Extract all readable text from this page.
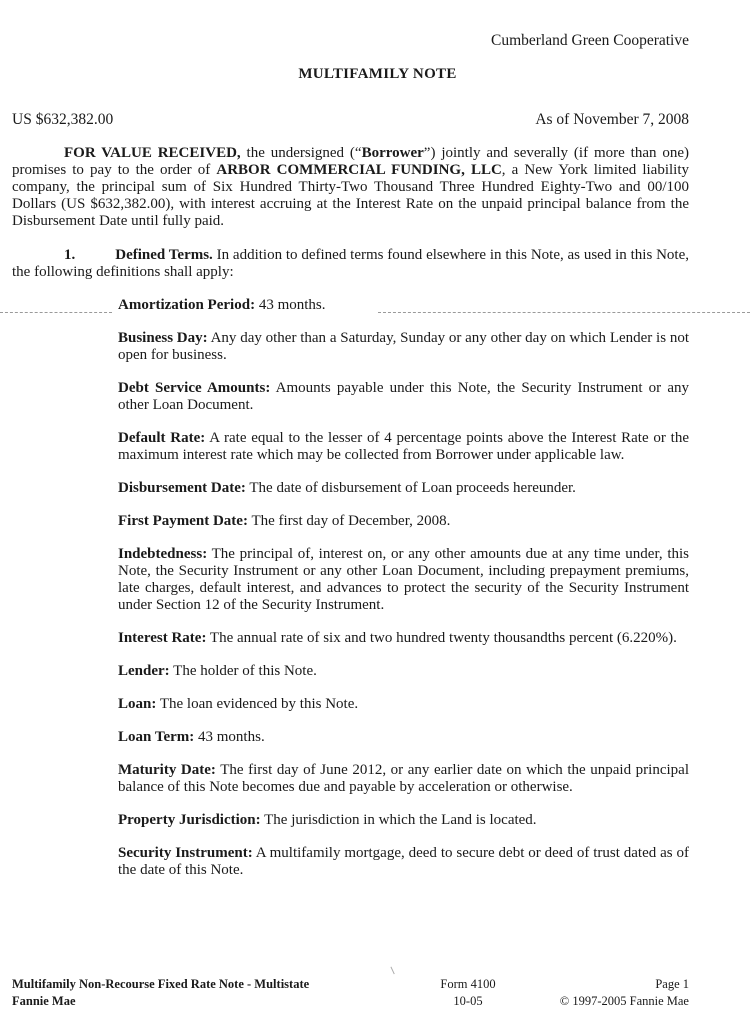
Cumberland Green Cooperative
MULTIFAMILY NOTE
US $632,382.00	As of November 7, 2008

FOR VALUE RECEIVED, the undersigned (“Borrower”) jointly and severally (if more than one) promises to pay to the order of ARBOR COMMERCIAL FUNDING, LLC, a New York limited liability company, the principal sum of Six Hundred Thirty-Two Thousand Three Hundred Eighty-Two and 00/100 Dollars (US $632,382.00), with interest accruing at the Interest Rate on the unpaid principal balance from the Disbursement Date until fully paid.

1.	Defined Terms. In addition to defined terms found elsewhere in this Note, as used in this Note, the following definitions shall apply:

Amortization Period: 43 months.

Business Day: Any day other than a Saturday, Sunday or any other day on which Lender is not open for business.

Debt Service Amounts: Amounts payable under this Note, the Security Instrument or any other Loan Document.

Default Rate: A rate equal to the lesser of 4 percentage points above the Interest Rate or the maximum interest rate which may be collected from Borrower under applicable law.

Disbursement Date: The date of disbursement of Loan proceeds hereunder.

First Payment Date: The first day of December, 2008.

Indebtedness: The principal of, interest on, or any other amounts due at any time under, this Note, the Security Instrument or any other Loan Document, including prepayment premiums, late charges, default interest, and advances to protect the security of the Security Instrument under Section 12 of the Security Instrument.

Interest Rate: The annual rate of six and two hundred twenty thousandths percent (6.220%).

Lender: The holder of this Note.

Loan: The loan evidenced by this Note.

Loan Term: 43 months.

Maturity Date: The first day of June 2012, or any earlier date on which the unpaid principal balance of this Note becomes due and payable by acceleration or otherwise.

Property Jurisdiction: The jurisdiction in which the Land is located.

Security Instrument: A multifamily mortgage, deed to secure debt or deed of trust dated as of the date of this Note.

Multifamily Non-Recourse Fixed Rate Note - Multistate
Fannie Mae
Form 4100
10-05
Page 1
© 1997-2005 Fannie Mae
